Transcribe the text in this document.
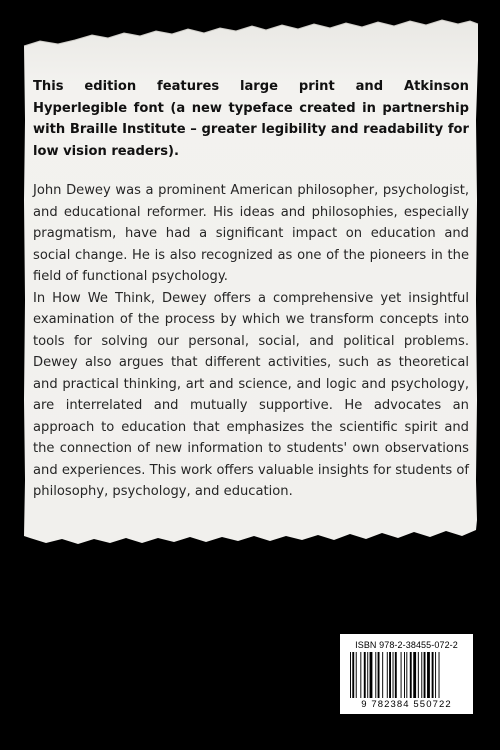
This edition features large print and Atkinson Hyperlegible font (a new typeface created in partnership with Braille Institute – greater legibility and readability for low vision readers).

John Dewey was a prominent American philosopher, psychologist, and educational reformer. His ideas and philosophies, especially pragmatism, have had a significant impact on education and social change. He is also recognized as one of the pioneers in the field of functional psychology.

In How We Think, Dewey offers a comprehensive yet insightful examination of the process by which we transform concepts into tools for solving our personal, social, and political problems. Dewey also argues that different activities, such as theoretical and practical thinking, art and science, and logic and psychology, are interrelated and mutually supportive. He advocates an approach to education that emphasizes the scientific spirit and the connection of new information to students' own observations and experiences. This work offers valuable insights for students of philosophy, psychology, and education.

ISBN 978-2-38455-072-2
9 782384 550722
